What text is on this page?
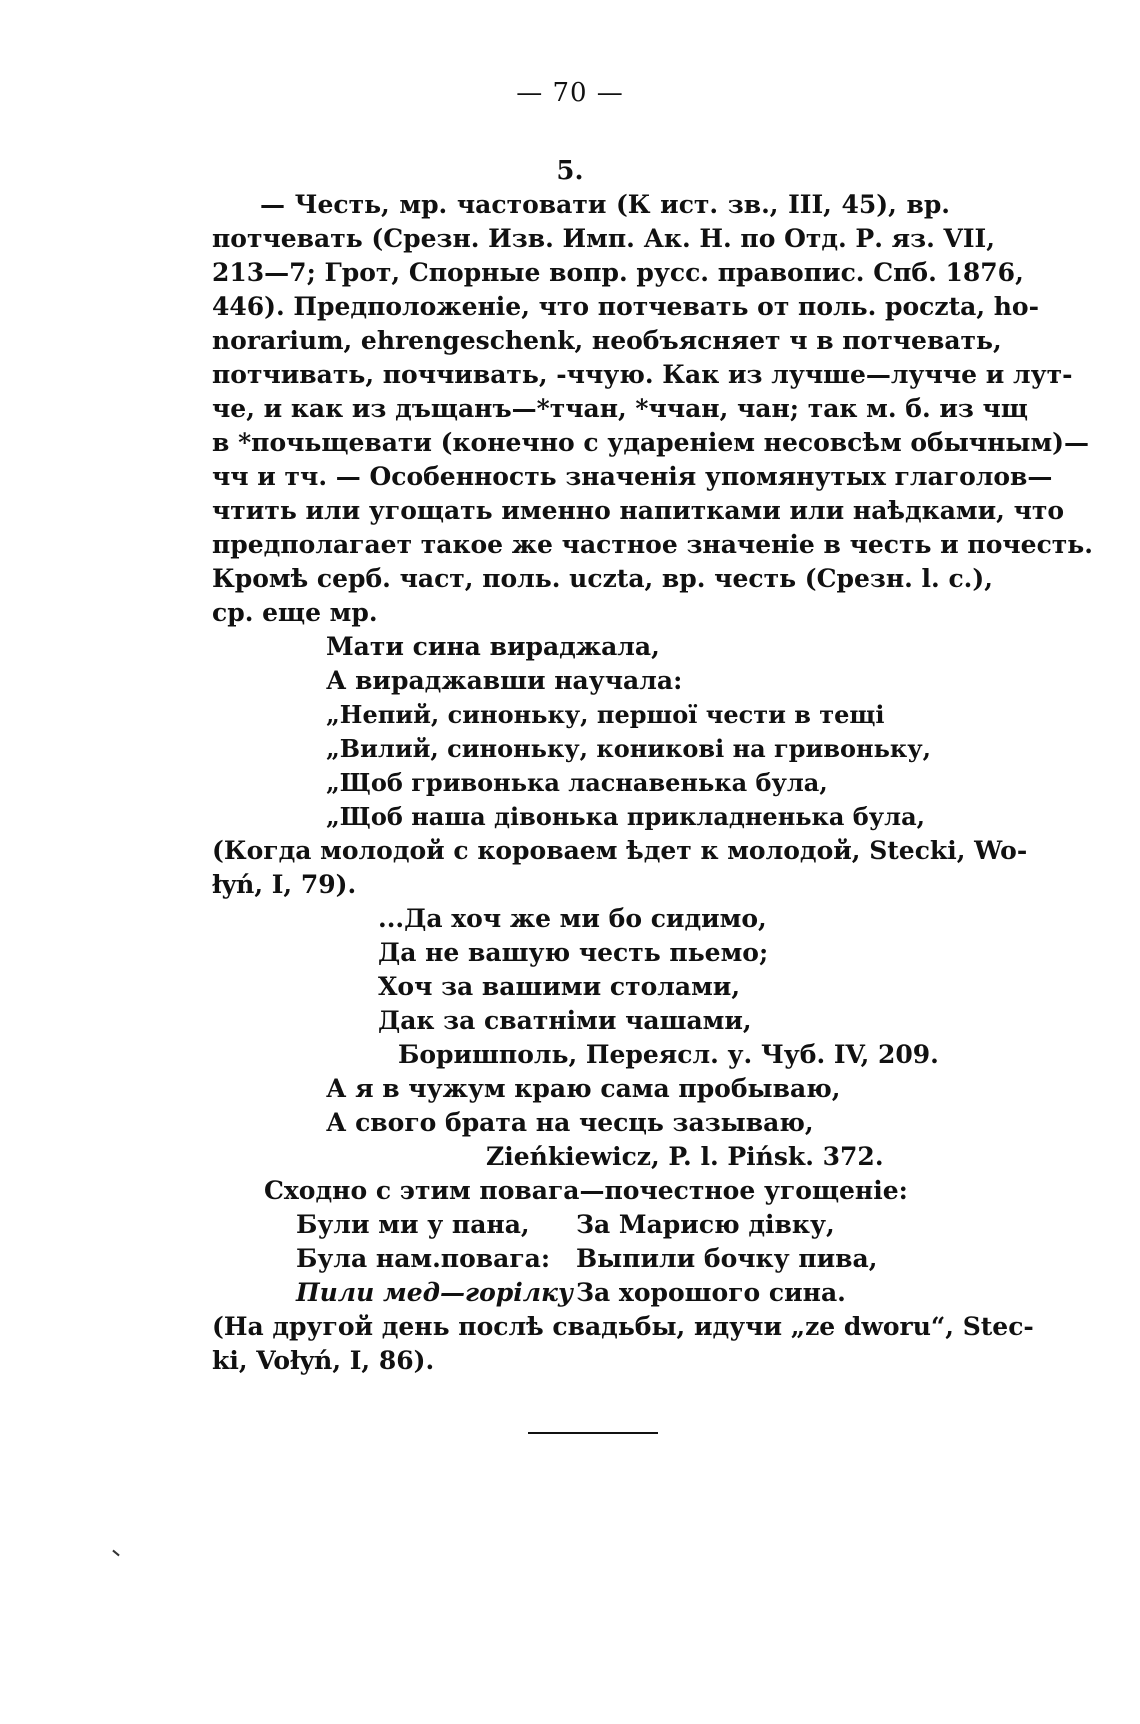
— 70 —
5.
— Честь, мр. частовати (К ист. зв., III, 45), вр.
потчевать (Срезн. Изв. Имп. Ак. Н. по Отд. Р. яз. VII,
213—7; Грот, Спорные вопр. русс. правопис. Спб. 1876,
446). Предположеніе, что потчевать от поль. poczta, ho-
norarium, ehrengeschenk, необъясняет ч в потчевать,
потчивать, поччивать, -ччую. Как из лучше—лучче и лут-
че, и как из дъщанъ—*тчан, *ччан, чан; так м. б. из чщ
в *почьщевати (конечно с удареніем несовсѣм обычным)—
чч и тч. — Особенность значенія упомянутых глаголов—
чтить или угощать именно напитками или наѣдками, что
предполагает такое же частное значеніе в честь и почесть.
Кромѣ серб. част, поль. uczta, вр. честь (Срезн. l. c.),
ср. еще мр.
Мати сина вираджала,
А вираджавши научала:
„Непий, синоньку, першої чести в тещі
„Вилий, синоньку, коникові на гривоньку,
„Щоб гривонька ласнавенька була,
„Щоб наша дівонька прикладненька була,
(Когда молодой с короваем ѣдет к молодой, Stecki, Wo-
łyń, I, 79).
...Да хоч же ми бо сидимо,
Да не вашую честь пьемо;
Хоч за вашими столами,
Дак за сватніми чашами,
Боришполь, Переясл. у. Чуб. IV, 209.
А я в чужум краю сама пробываю,
А свого брата на чесць зазываю,
Zieńkiewicz, P. l. Pińsk. 372.
Сходно с этим повага—почестное угощеніе:
Були ми у пана,
Була нам.повага:
Пили мед—горілку
За Марисю дівку,
Выпили бочку пива,
За хорошого сина.
(На другой день послѣ свадьбы, идучи „ze dworu“, Stec-
ki, Vołyń, I, 86).
